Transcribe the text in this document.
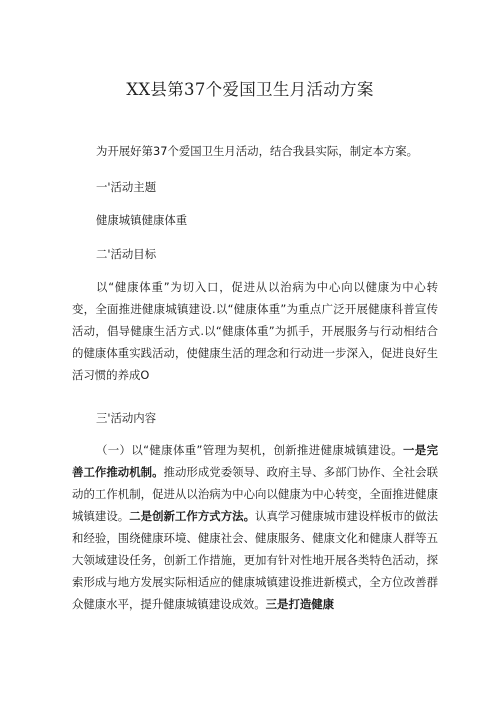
XX县第37个爱国卫生月活动方案
为开展好第37个爱国卫生月活动，结合我县实际，制定本方案。
一'活动主题
健康城镇健康体重
二'活动目标
以“健康体重”为切入口，促进从以治病为中心向以健康为中心转变，全面推进健康城镇建设.以“健康体重”为重点广泛开展健康科普宣传活动，倡导健康生活方式.以“健康体重”为抓手，开展服务与行动相结合的健康体重实践活动，使健康生活的理念和行动进一步深入，促进良好生活习惯的养成O
三'活动内容
（一）以“健康体重”管理为契机，创新推进健康城镇建设。一是完善工作推动机制。推动形成党委领导、政府主导、多部门协作、全社会联动的工作机制，促进从以治病为中心向以健康为中心转变，全面推进健康城镇建设。二是创新工作方式方法。认真学习健康城市建设样板市的做法和经验，围绕健康环境、健康社会、健康服务、健康文化和健康人群等五大领域建设任务，创新工作措施，更加有针对性地开展各类特色活动，探索形成与地方发展实际相适应的健康城镇建设推进新模式，全方位改善群众健康水平，提升健康城镇建设成效。三是打造健康
